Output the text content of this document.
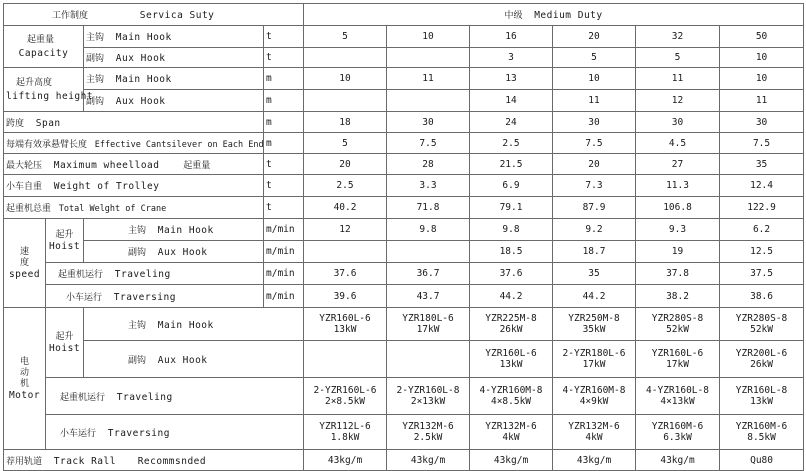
工作制度 Servica Suty				中级 Medium Duty					

起重量
Capacity		主钩 Main Hook	t	5	10	16	20	32	50
		副钩 Aux Hook	t			3	5	5	10

起升高度
lifting height		主钩 Main Hook	m	10	11	13	10	11	10
		副钩 Aux Hook	m			14	11	12	11
跨度 Span			m	18	30	24	30	30	30
每端有效承悬臂长度 Effective Cantsilever on Each End			m	5	7.5	2.5	7.5	4.5	7.5
最大轮压 Maximum wheelload 起重量			t	20	28	21.5	20	27	35
小车自重 Weight of Trolley			t	2.5	3.3	6.9	7.3	11.3	12.4
起重机总重 Total Welght of Crane			t	40.2	71.8	79.1	87.9	106.8	122.9

速
度
speed	起升
Hoist	主钩 Main Hook	m/min	12	9.8	9.8	9.2	9.3	6.2
		副钩 Aux Hook	m/min			18.5	18.7	19	12.5
	起重机运行 Traveling		m/min	37.6	36.7	37.6	35	37.8	37.5
	小车运行 Traversing		m/min	39.6	43.7	44.2	44.2	38.2	38.6

电
动
机
Motor	起升
Hoist	主钩 Main Hook		YZR160L-6
13kW	YZR180L-6
17kW	YZR225M-8
26kW	YZR250M-8
35kW	YZR280S-8
52kW	YZR280S-8
52kW

		副钩 Aux Hook				YZR160L-6
13kW	2-YZR180L-6
17kW	YZR160L-6
17kW	YZR200L-6
26kW

	起重机运行 Traveling			2-YZR160L-6
2×8.5kW	2-YZR160L-8
2×13kW	4-YZR160M-8
4×8.5kW	4-YZR160M-8
4×9kW	4-YZR160L-8
4×13kW	YZR160L-8
13kW

	小车运行 Traversing			YZR112L-6
1.8kW	YZR132M-6
2.5kW	YZR132M-6
4kW	YZR132M-6
4kW	YZR160M-6
6.3kW	YZR160M-6
8.5kW

荐用轨道 Track Rall Recommsnded				43kg/m	43kg/m	43kg/m	43kg/m	43kg/m	Qu80
